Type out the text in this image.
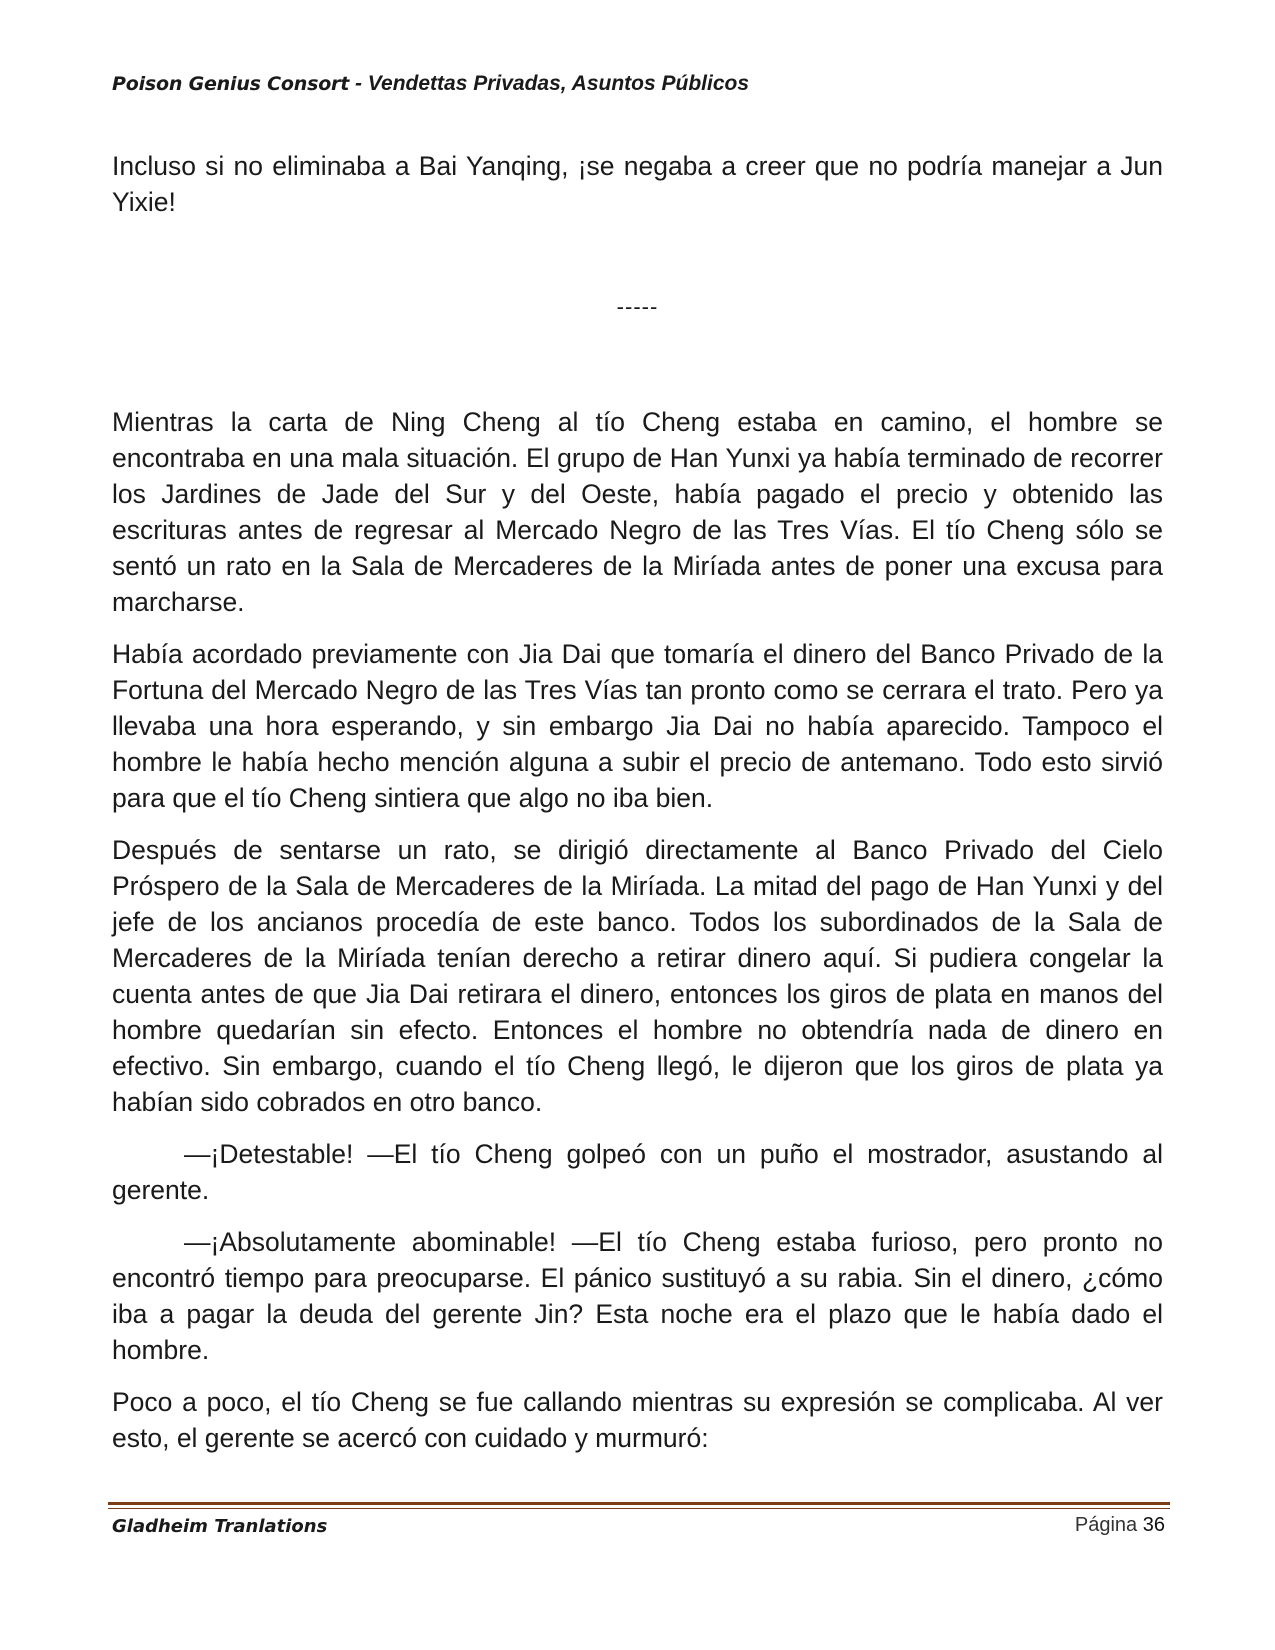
Poison Genius Consort - Vendettas Privadas, Asuntos Públicos

Incluso si no eliminaba a Bai Yanqing, ¡se negaba a creer que no podría manejar a Jun Yixie!

-----

Mientras la carta de Ning Cheng al tío Cheng estaba en camino, el hombre se encontraba en una mala situación. El grupo de Han Yunxi ya había terminado de recorrer los Jardines de Jade del Sur y del Oeste, había pagado el precio y obtenido las escrituras antes de regresar al Mercado Negro de las Tres Vías. El tío Cheng sólo se sentó un rato en la Sala de Mercaderes de la Miríada antes de poner una excusa para marcharse.

Había acordado previamente con Jia Dai que tomaría el dinero del Banco Privado de la Fortuna del Mercado Negro de las Tres Vías tan pronto como se cerrara el trato. Pero ya llevaba una hora esperando, y sin embargo Jia Dai no había aparecido. Tampoco el hombre le había hecho mención alguna a subir el precio de antemano. Todo esto sirvió para que el tío Cheng sintiera que algo no iba bien.

Después de sentarse un rato, se dirigió directamente al Banco Privado del Cielo Próspero de la Sala de Mercaderes de la Miríada. La mitad del pago de Han Yunxi y del jefe de los ancianos procedía de este banco. Todos los subordinados de la Sala de Mercaderes de la Miríada tenían derecho a retirar dinero aquí. Si pudiera congelar la cuenta antes de que Jia Dai retirara el dinero, entonces los giros de plata en manos del hombre quedarían sin efecto. Entonces el hombre no obtendría nada de dinero en efectivo. Sin embargo, cuando el tío Cheng llegó, le dijeron que los giros de plata ya habían sido cobrados en otro banco.

—¡Detestable! —El tío Cheng golpeó con un puño el mostrador, asustando al gerente.

—¡Absolutamente abominable! —El tío Cheng estaba furioso, pero pronto no encontró tiempo para preocuparse. El pánico sustituyó a su rabia. Sin el dinero, ¿cómo iba a pagar la deuda del gerente Jin? Esta noche era el plazo que le había dado el hombre.

Poco a poco, el tío Cheng se fue callando mientras su expresión se complicaba. Al ver esto, el gerente se acercó con cuidado y murmuró:

Gladheim Tranlations	Página 36
